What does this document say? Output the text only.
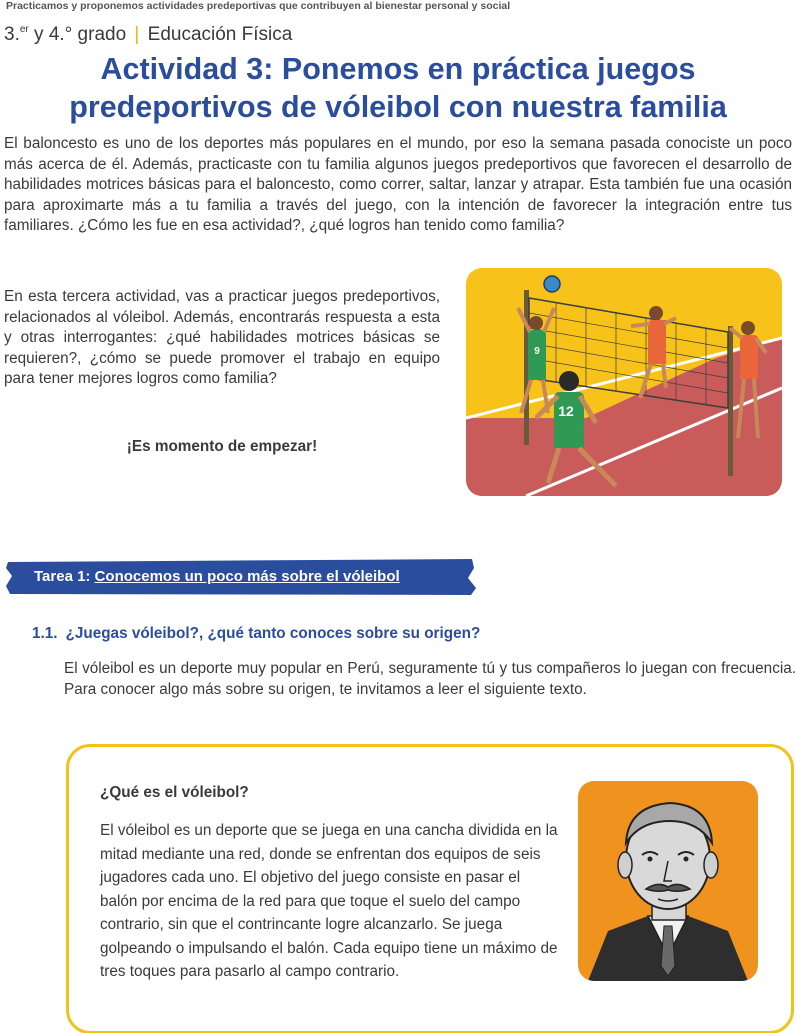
Practicamos y proponemos actividades predeportivas que contribuyen al bienestar personal y social
3.$^{er}$ y 4.° grado | Educación Física
Actividad 3: Ponemos en práctica juegos
predeportivos de vóleibol con nuestra familia

El baloncesto es uno de los deportes más populares en el mundo, por eso la semana pasada conociste un poco más acerca de él. Además, practicaste con tu familia algunos juegos predeportivos que favorecen el desarrollo de habilidades motrices básicas para el baloncesto, como correr, saltar, lanzar y atrapar. Esta también fue una ocasión para aproximarte más a tu familia a través del juego, con la intención de favorecer la integración entre tus familiares. ¿Cómo les fue en esa actividad?, ¿qué logros han tenido como familia?

En esta tercera actividad, vas a practicar juegos predeportivos, relacionados al vóleibol. Además, encontrarás respuesta a esta y otras interrogantes: ¿qué habilidades motrices básicas se requieren?, ¿cómo se puede promover el trabajo en equipo para tener mejores logros como familia?

¡Es momento de empezar!
9
12
Tarea 1: Conocemos un poco más sobre el vóleibol
1.1. ¿Juegas vóleibol?, ¿qué tanto conoces sobre su origen?

El vóleibol es un deporte muy popular en Perú, seguramente tú y tus compañeros lo juegan con frecuencia. Para conocer algo más sobre su origen, te invitamos a leer el siguiente texto.

¿Qué es el vóleibol?

El vóleibol es un deporte que se juega en una cancha dividida en la mitad mediante una red, donde se enfrentan dos equipos de seis jugadores cada uno. El objetivo del juego consiste en pasar el balón por encima de la red para que toque el suelo del campo contrario, sin que el contrincante logre alcanzarlo. Se juega golpeando o impulsando el balón. Cada equipo tiene un máximo de tres toques para pasarlo al campo contrario.
